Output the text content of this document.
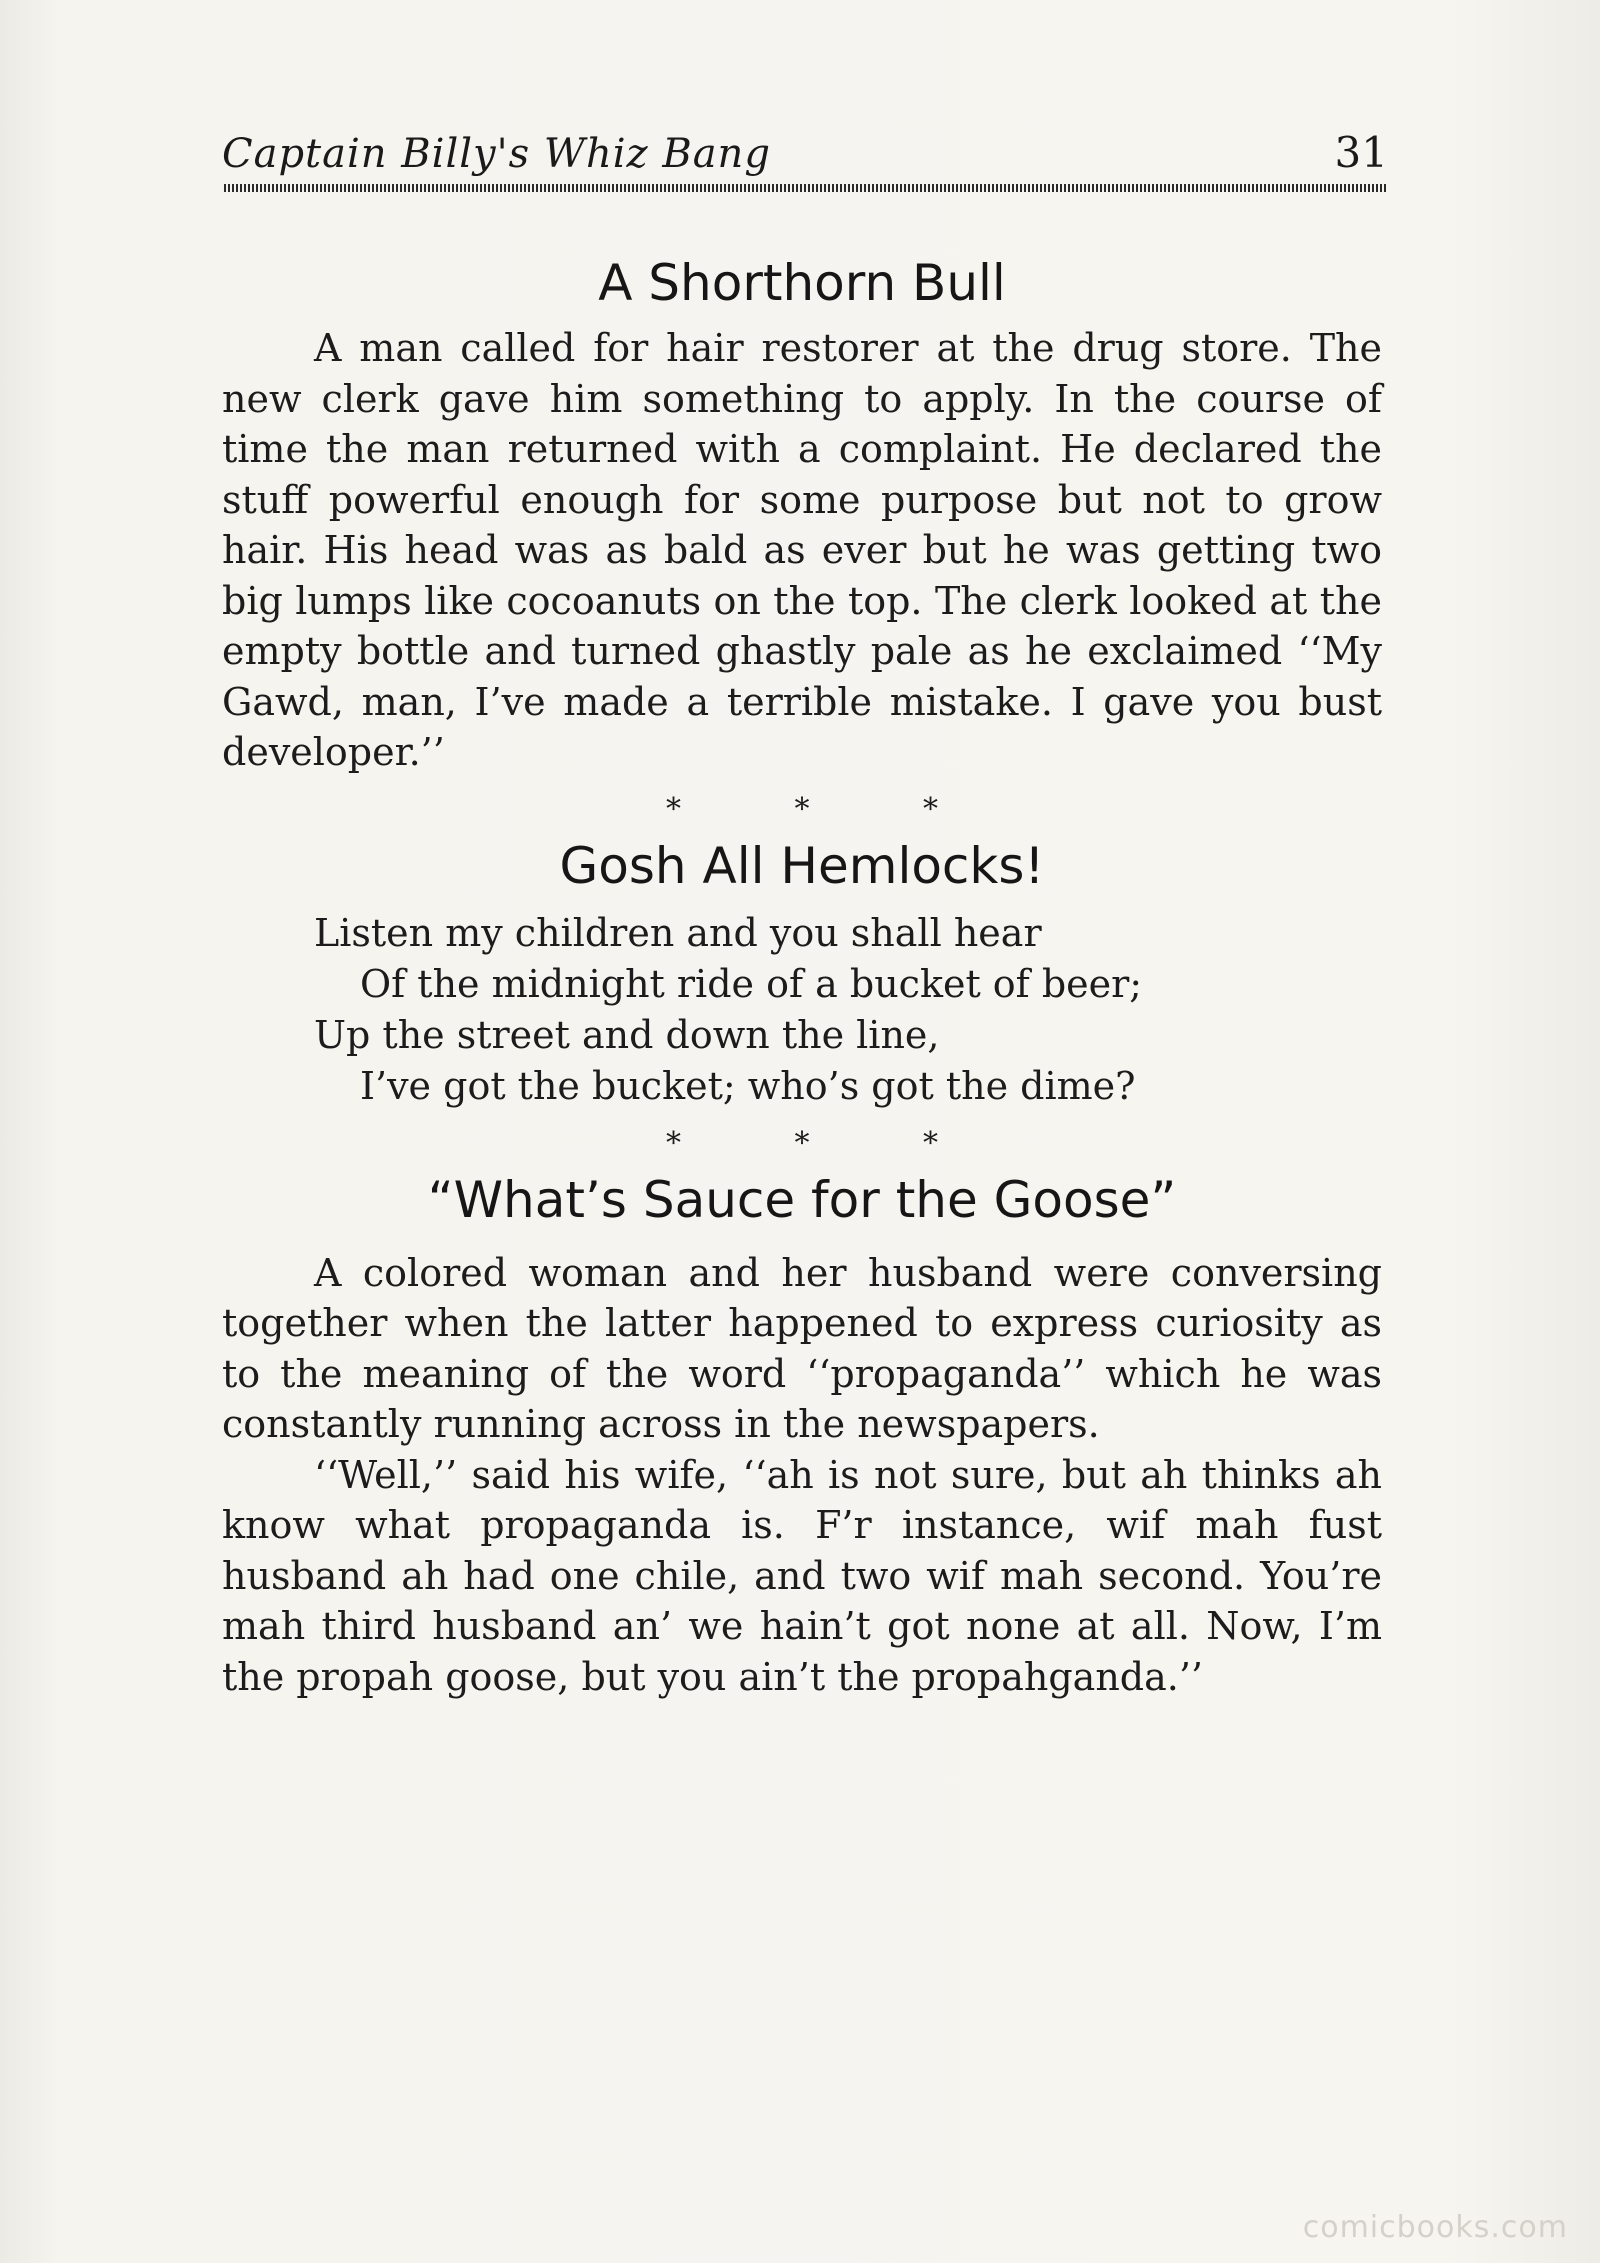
Captain Billy's Whiz Bang	31
A Shorthorn Bull

A man called for hair restorer at the drug store. The new clerk gave him something to apply. In the course of time the man returned with a complaint. He declared the stuff powerful enough for some purpose but not to grow hair. His head was as bald as ever but he was getting two big lumps like cocoanuts on the top. The clerk looked at the empty bottle and turned ghastly pale as he exclaimed ‘‘My Gawd, man, I’ve made a terrible mistake. I gave you bust developer.’’

* * *
Gosh All Hemlocks!
Listen my children and you shall hear
Of the midnight ride of a bucket of beer;
Up the street and down the line,
I’ve got the bucket; who’s got the dime?
* * *
“What’s Sauce for the Goose”

A colored woman and her husband were conversing together when the latter happened to express curiosity as to the meaning of the word ‘‘propaganda’’ which he was constantly running across in the newspapers.

‘‘Well,’’ said his wife, ‘‘ah is not sure, but ah thinks ah know what propaganda is. F’r instance, wif mah fust husband ah had one chile, and two wif mah second. You’re mah third husband an’ we hain’t got none at all. Now, I’m the propah goose, but you ain’t the propahganda.’’

comicbooks.com
